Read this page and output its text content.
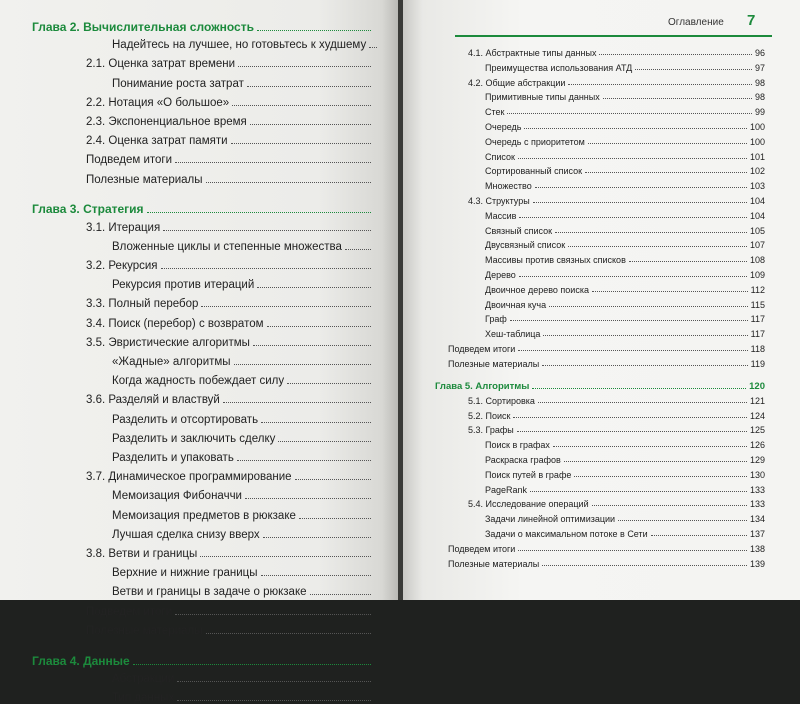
Глава 2. Вычислительная сложность
Надейтесь на лучшее, но готовьтесь к худшему
2.1. Оценка затрат времени
Понимание роста затрат
2.2. Нотация «О большое»
2.3. Экспоненциальное время
2.4. Оценка затрат памяти
Подведем итоги
Полезные материалы
Глава 3. Стратегия
3.1. Итерация
Вложенные циклы и степенные множества
3.2. Рекурсия
Рекурсия против итераций
3.3. Полный перебор
3.4. Поиск (перебор) с возвратом
3.5. Эвристические алгоритмы
«Жадные» алгоритмы
Когда жадность побеждает силу
3.6. Разделяй и властвуй
Разделить и отсортировать
Разделить и заключить сделку
Разделить и упаковать
3.7. Динамическое программирование
Мемоизация Фибоначчи
Мемоизация предметов в рюкзаке
Лучшая сделка снизу вверх
3.8. Ветви и границы
Верхние и нижние границы
Ветви и границы в задаче о рюкзаке
Подведем итоги
Полезные материалы
Глава 4. Данные
Абстракции
Тип данных
4.1. Абстрактные типы данных	96
Преимущества использования АТД	97
4.2. Общие абстракции	98
Примитивные типы данных	98
Стек	99
Очередь	100
Очередь с приоритетом	100
Список	101
Сортированный список	102
Множество	103
4.3. Структуры	104
Массив	104
Связный список	105
Двусвязный список	107
Массивы против связных списков	108
Дерево	109
Двоичное дерево поиска	112
Двоичная куча	115
Граф	117
Хеш-таблица	117
Подведем итоги	118
Полезные материалы	119
Глава 5. Алгоритмы	120
5.1. Сортировка	121
5.2. Поиск	124
5.3. Графы	125
Поиск в графах	126
Раскраска графов	129
Поиск путей в графе	130
PageRank	133
5.4. Исследование операций	133
Задачи линейной оптимизации	134
Задачи о максимальном потоке в Сети	137
Подведем итоги	138
Полезные материалы	139
Оглавление 7
